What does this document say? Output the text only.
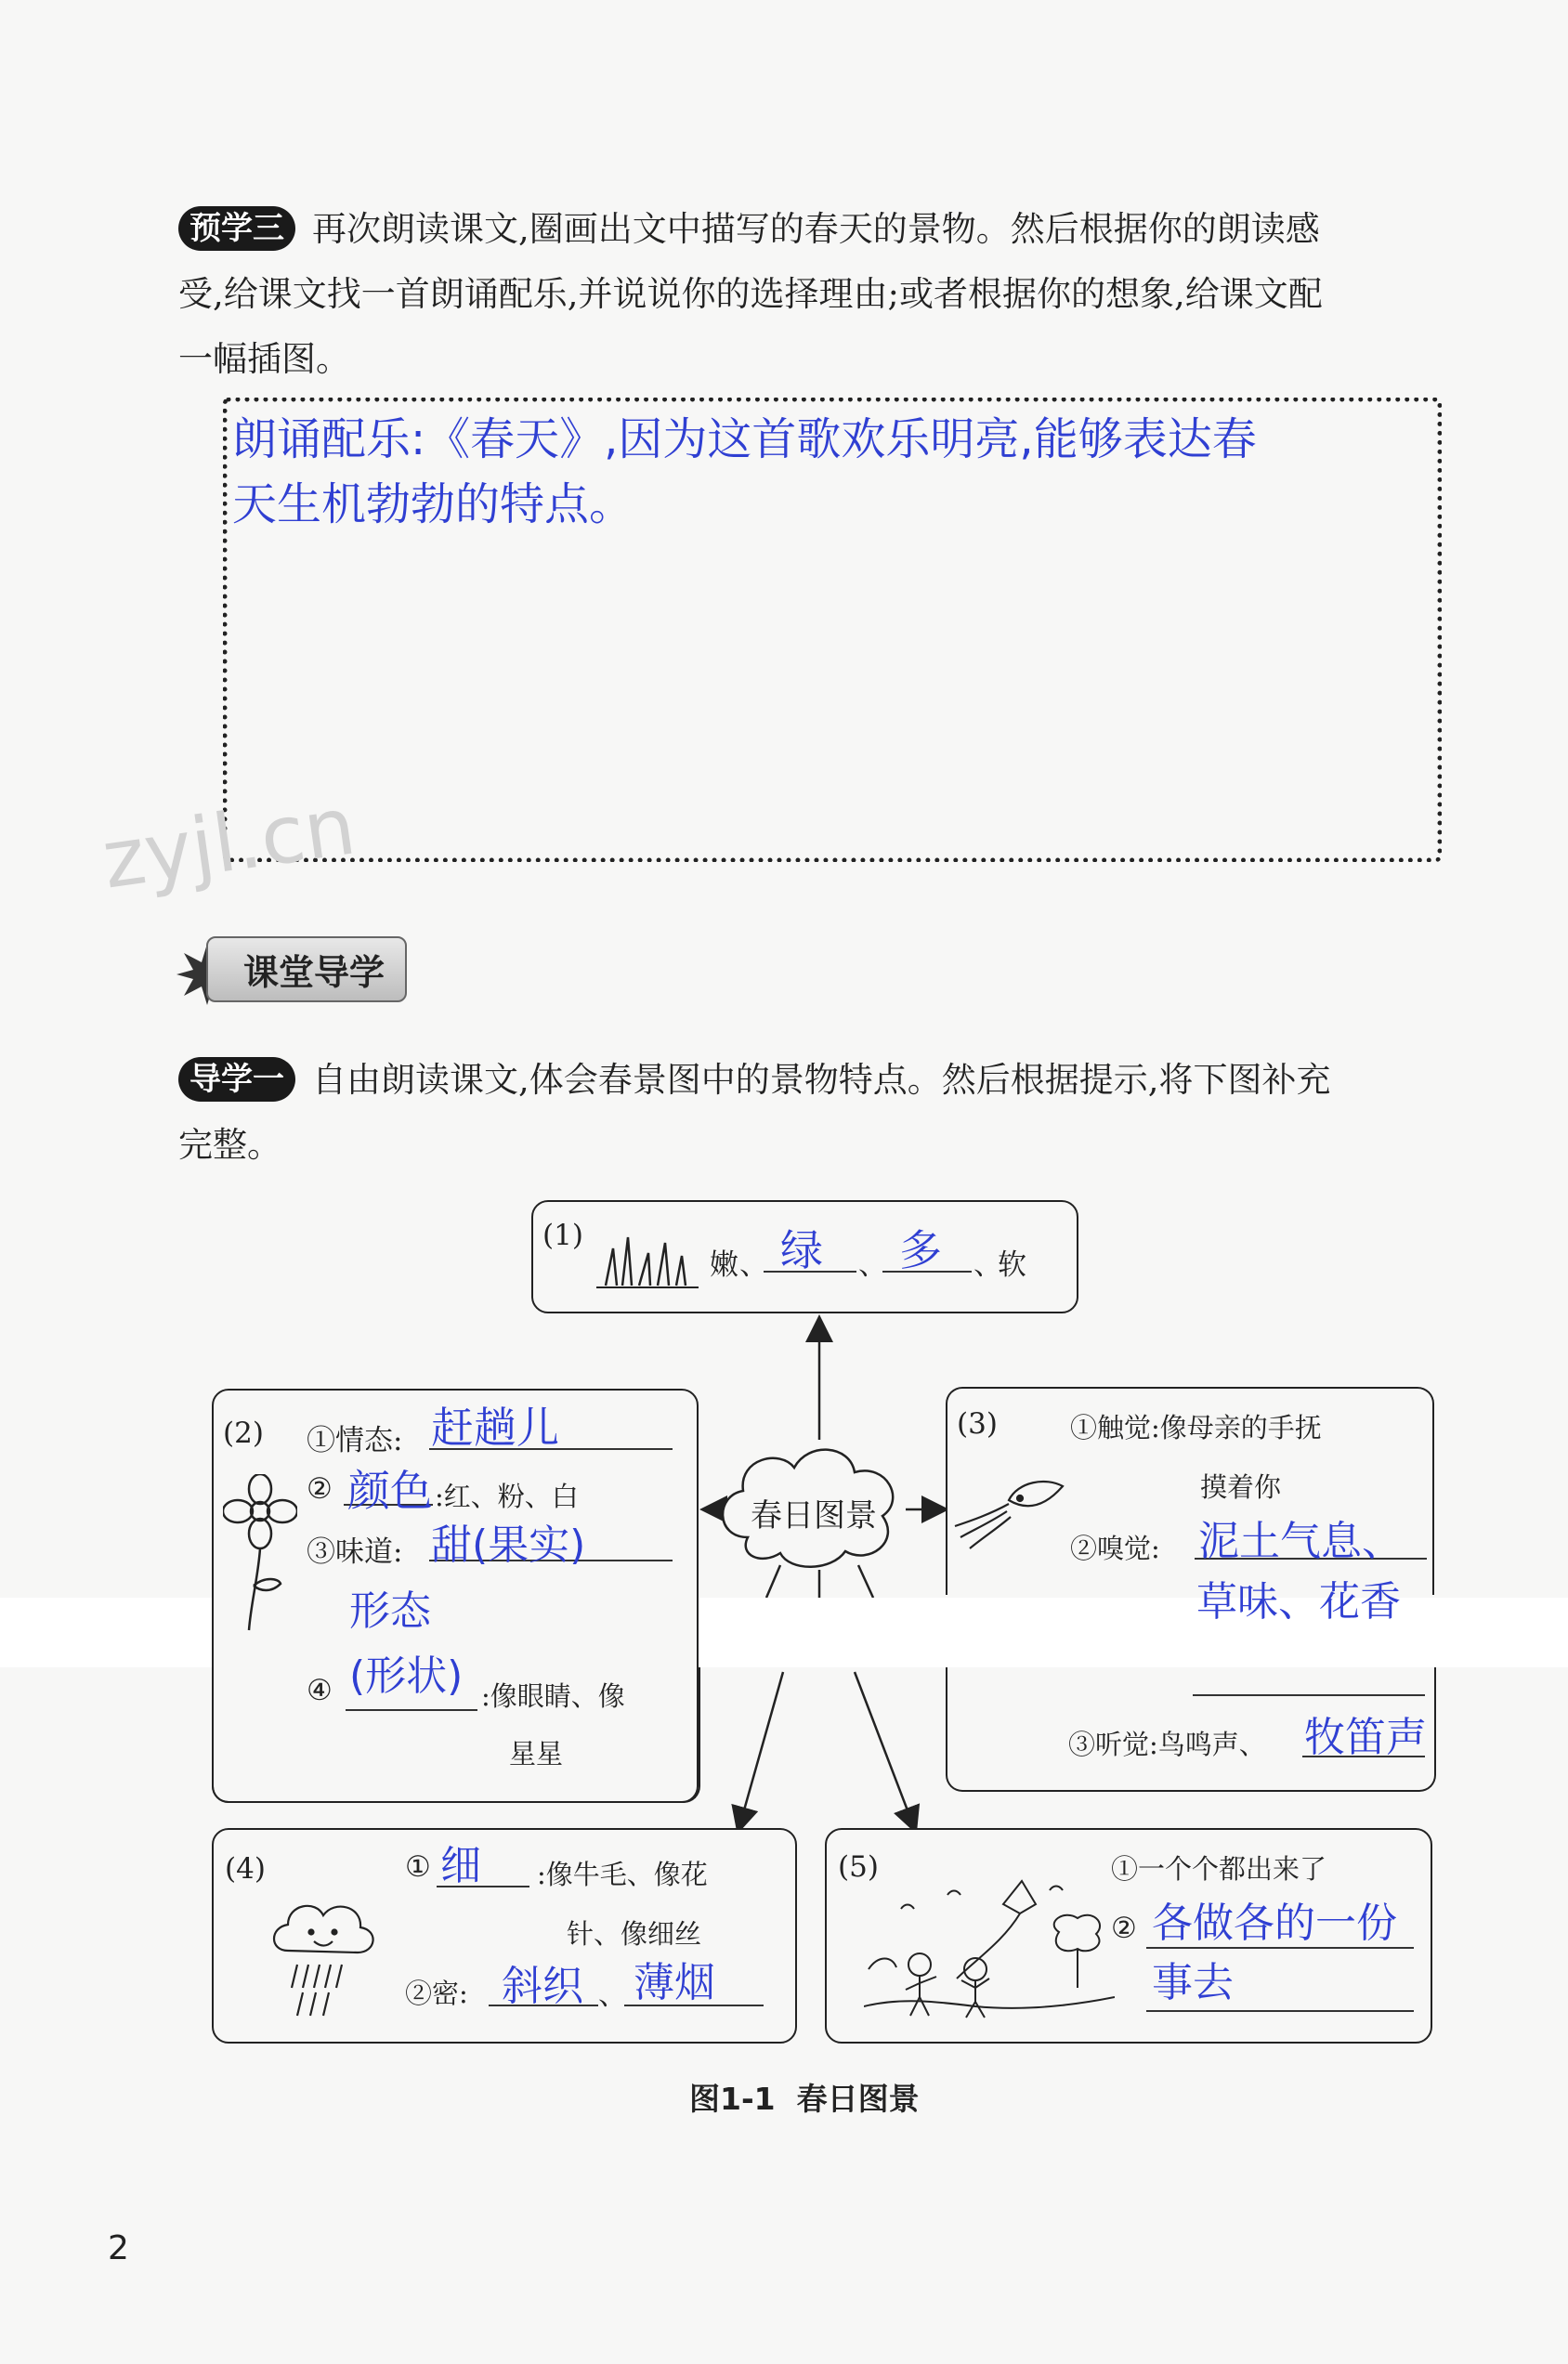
预学三 再次朗读课文,圈画出文中描写的春天的景物。然后根据你的朗读感
受,给课文找一首朗诵配乐,并说说你的选择理由;或者根据你的想象,给课文配
一幅插图。
朗诵配乐:《春天》,因为这首歌欢乐明亮,能够表达春
天生机勃勃的特点。
zyjl.cn
课堂导学
导学一 自由朗读课文,体会春景图中的景物特点。然后根据提示,将下图补充
完整。
春日图景
(1)
嫩 、 绿	、 多	、
软
(2) ①情态: 赶趟儿
② 颜色 :红、粉、白
③味道: 甜(果实)
形态
(形状)
④	:像眼睛、像
星星
(3)	①触觉:像母亲的手抚
摸着你
②嗅觉: 泥土气息、
草味、花香
③听觉:鸟鸣声、 牧笛声
(4)	① 细 :像牛毛、像花
针、像细丝
②密: 斜织 、 薄烟
(5)	①一个个都出来了
② 各做各的一份
事去
图1-1  春日图景
2
